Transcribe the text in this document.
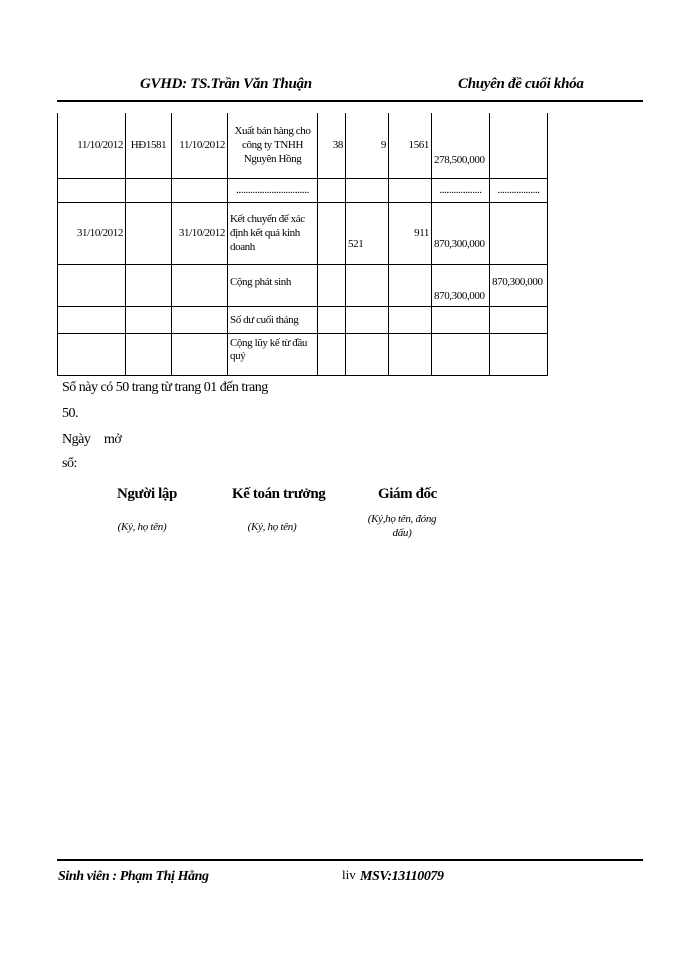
GVHD: TS.Trần Văn Thuận	Chuyên đề cuối khóa
11/10/2012	HĐ1581	11/10/2012	Xuất bán hàng cho công ty TNHH Nguyên Hồng	38	9	1561	278,500,000	
			...............................				..................	..................
31/10/2012		31/10/2012	Kết chuyển để xác định kết quả kinh doanh		521	911	870,300,000	
			Cộng phát sinh				870,300,000	870,300,000
			Số dư cuối tháng					
			Cộng lũy kế từ đầu quý					
Sổ này có 50 trang từ trang 01 đến trang
50.
Ngày mở
sổ:
Người lập
(Ký, họ tên)
Kế toán trưởng
(Ký, họ tên)
Giám đốc
(Ký,họ tên, đóng dấu)
Sinh viên : Phạm Thị Hằng	liv MSV:13110079
